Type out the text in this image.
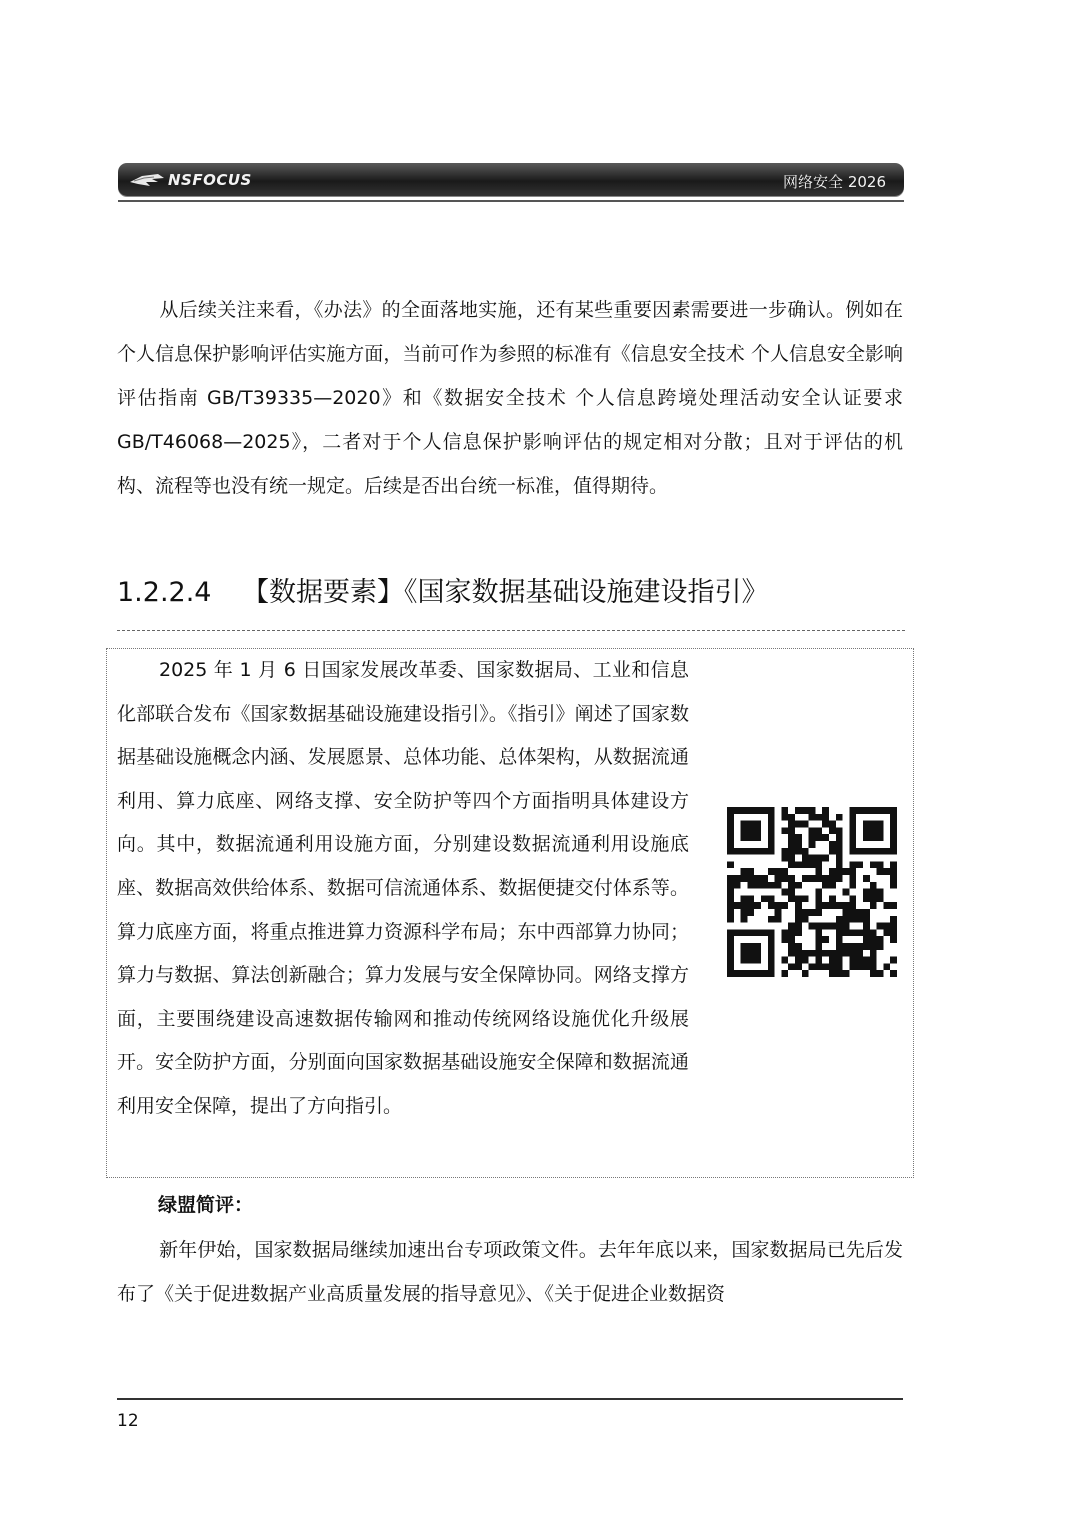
NSFOCUS	网络安全 2026

从后续关注来看，《办法》的全面落地实施，还有某些重要因素需要进一步确认。例如在个人信息保护影响评估实施方面，当前可作为参照的标准有《信息安全技术 个人信息安全影响评估指南 GB/T39335—2020》和《数据安全技术 个人信息跨境处理活动安全认证要求 GB/T46068—2025》，二者对于个人信息保护影响评估的规定相对分散；且对于评估的机构、流程等也没有统一规定。后续是否出台统一标准，值得期待。

1.2.2.4 【数据要素】《国家数据基础设施建设指引》

2025 年 1 月 6 日国家发展改革委、国家数据局、工业和信息化部联合发布《国家数据基础设施建设指引》。《指引》阐述了国家数据基础设施概念内涵、发展愿景、总体功能、总体架构，从数据流通利用、算力底座、网络支撑、安全防护等四个方面指明具体建设方向。其中，数据流通利用设施方面，分别建设数据流通利用设施底座、数据高效供给体系、数据可信流通体系、数据便捷交付体系等。算力底座方面，将重点推进算力资源科学布局；东中西部算力协同；算力与数据、算法创新融合；算力发展与安全保障协同。网络支撑方面，主要围绕建设高速数据传输网和推动传统网络设施优化升级展开。安全防护方面，分别面向国家数据基础设施安全保障和数据流通利用安全保障，提出了方向指引。

绿盟简评：

新年伊始，国家数据局继续加速出台专项政策文件。去年年底以来，国家数据局已先后发布了《关于促进数据产业高质量发展的指导意见》、《关于促进企业数据资

12
